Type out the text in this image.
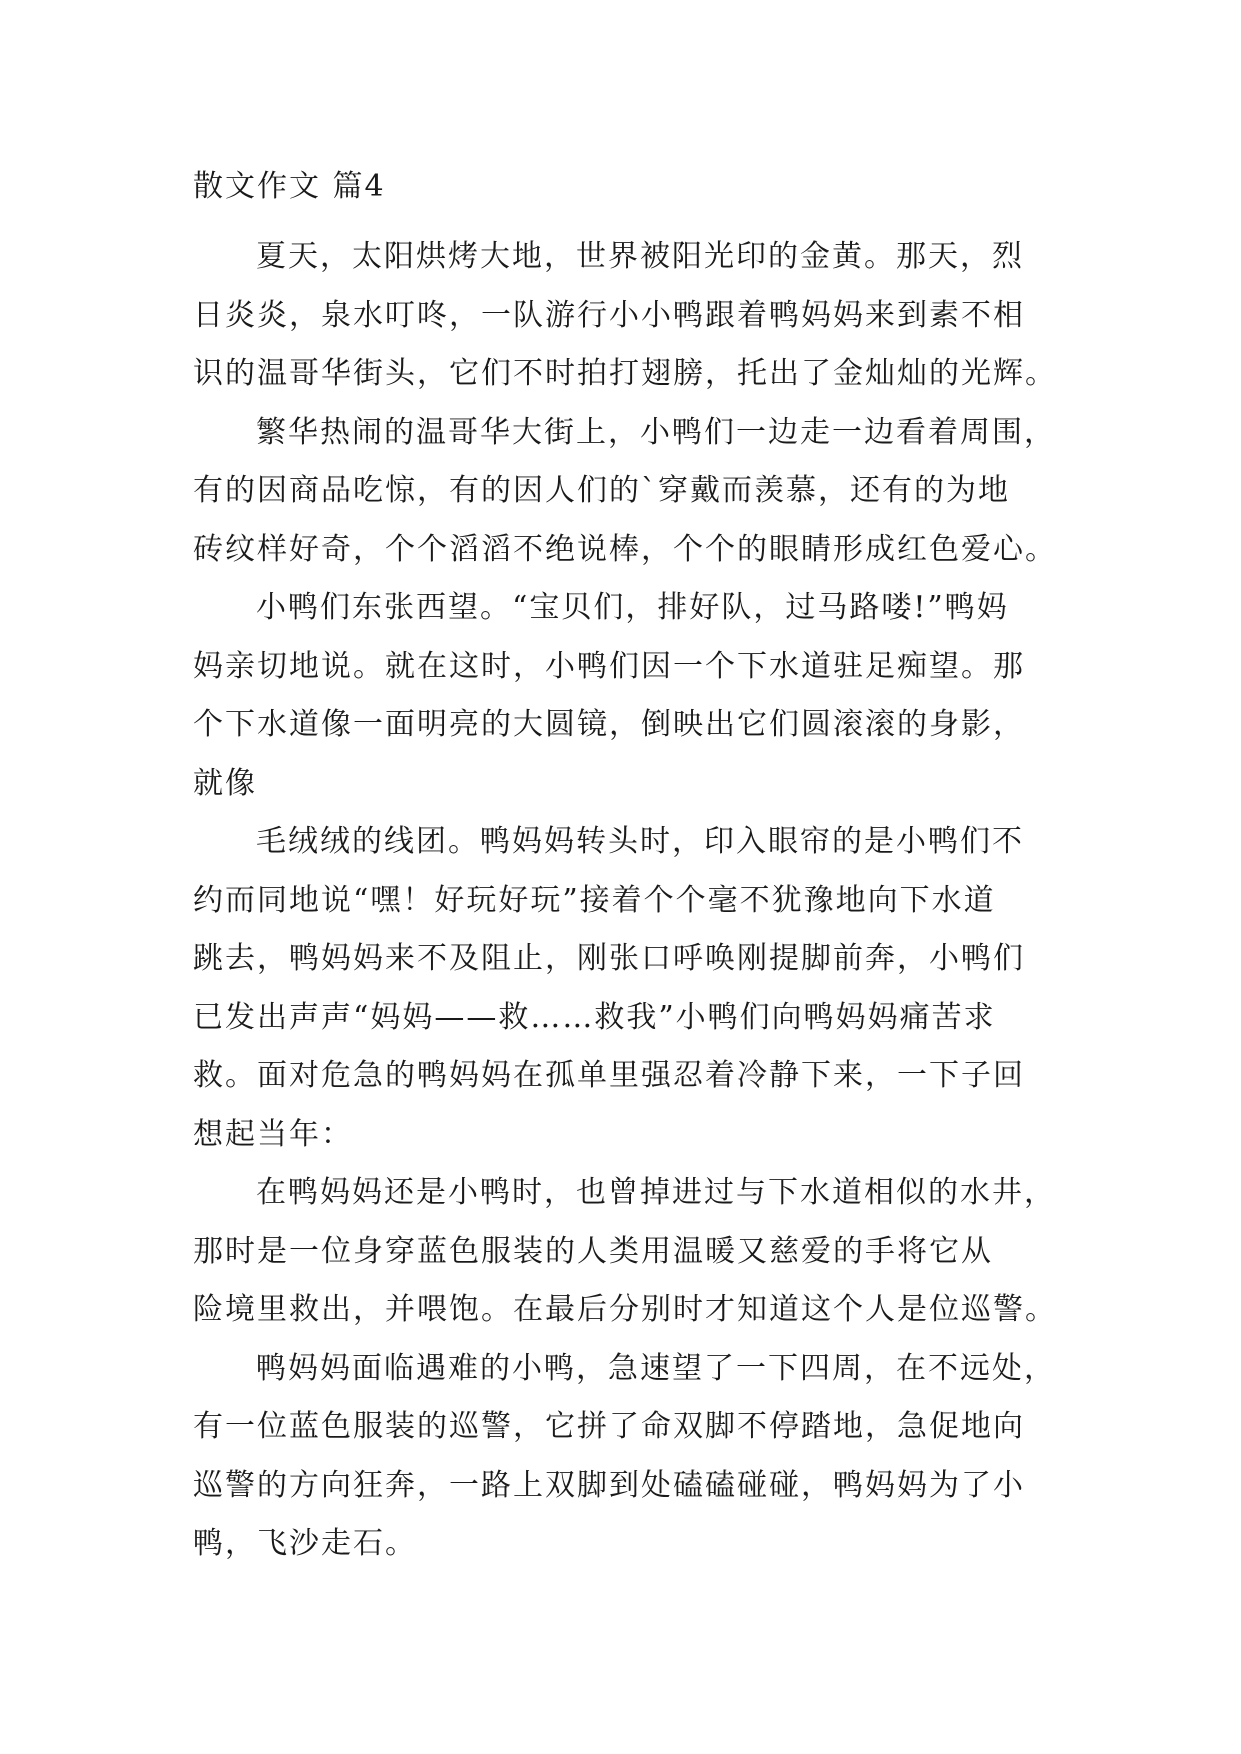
散文作文 篇4

夏天，太阳烘烤大地，世界被阳光印的金黄。那天，烈
日炎炎，泉水叮咚，一队游行小小鸭跟着鸭妈妈来到素不相
识的温哥华街头，它们不时拍打翅膀，托出了金灿灿的光辉。

繁华热闹的温哥华大街上，小鸭们一边走一边看着周围，
有的因商品吃惊，有的因人们的`穿戴而羡慕，还有的为地
砖纹样好奇，个个滔滔不绝说棒，个个的眼睛形成红色爱心。

小鸭们东张西望。“宝贝们，排好队，过马路喽!”鸭妈
妈亲切地说。就在这时，小鸭们因一个下水道驻足痴望。那
个下水道像一面明亮的大圆镜，倒映出它们圆滚滚的身影，
就像

毛绒绒的线团。鸭妈妈转头时，印入眼帘的是小鸭们不
约而同地说“嘿！好玩好玩”接着个个毫不犹豫地向下水道
跳去，鸭妈妈来不及阻止，刚张口呼唤刚提脚前奔，小鸭们
已发出声声“妈妈——救……救我”小鸭们向鸭妈妈痛苦求
救。面对危急的鸭妈妈在孤单里强忍着冷静下来，一下子回
想起当年：

在鸭妈妈还是小鸭时，也曾掉进过与下水道相似的水井，
那时是一位身穿蓝色服装的人类用温暖又慈爱的手将它从
险境里救出，并喂饱。在最后分别时才知道这个人是位巡警。

鸭妈妈面临遇难的小鸭，急速望了一下四周，在不远处，
有一位蓝色服装的巡警，它拼了命双脚不停踏地，急促地向
巡警的方向狂奔，一路上双脚到处磕磕碰碰，鸭妈妈为了小
鸭，飞沙走石。
